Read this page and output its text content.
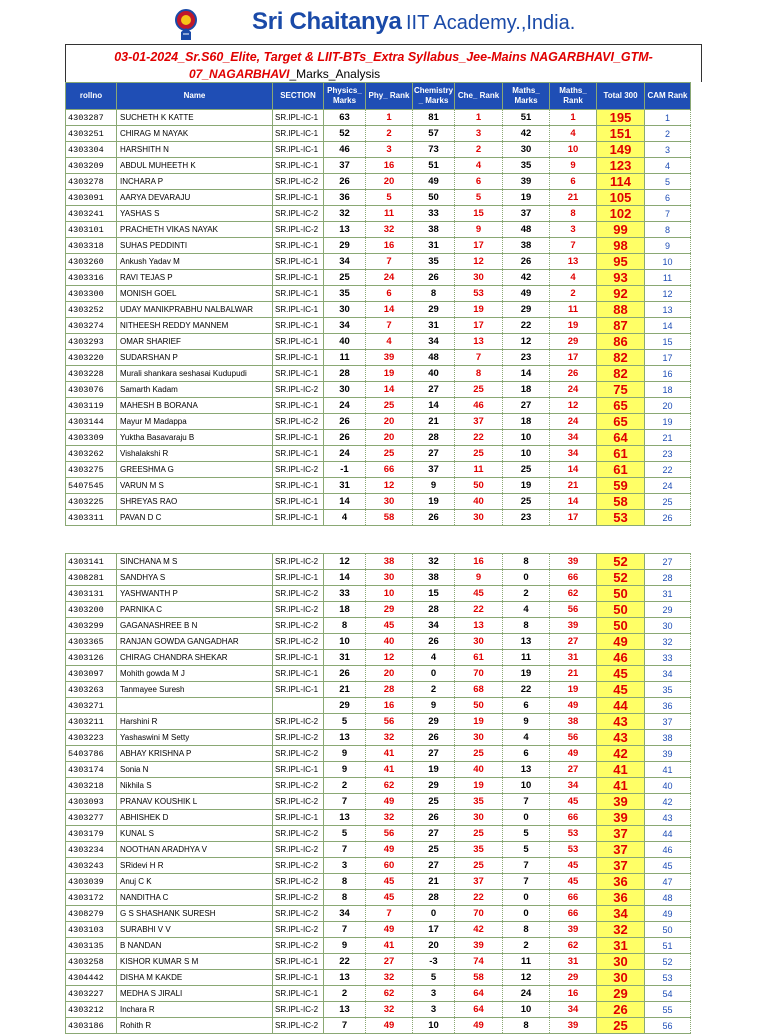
Sri Chaitanya IIT Academy.,India.
03-01-2024_Sr.S60_Elite, Target & LIIT-BTs_Extra Syllabus_Jee-Mains NAGARBHAVI_GTM-
07_NAGARBHAVI_Marks_Analysis
rollno	Name	SECTION	Physics_ Marks	Phy_ Rank	Chemistry _ Marks	Che_ Rank	Maths_ Marks	Maths_ Rank	Total 300	CAM Rank
4303287	SUCHETH K KATTE	SR.IPL-IC-1	63	1	81	1	51	1	195	1
4303251	CHIRAG M NAYAK	SR.IPL-IC-1	52	2	57	3	42	4	151	2
4303304	HARSHITH N	SR.IPL-IC-1	46	3	73	2	30	10	149	3
4303209	ABDUL MUHEETH K	SR.IPL-IC-1	37	16	51	4	35	9	123	4
4303278	INCHARA P	SR.IPL-IC-2	26	20	49	6	39	6	114	5
4303091	AARYA DEVARAJU	SR.IPL-IC-1	36	5	50	5	19	21	105	6
4303241	YASHAS S	SR.IPL-IC-2	32	11	33	15	37	8	102	7
4303101	PRACHETH VIKAS NAYAK	SR.IPL-IC-2	13	32	38	9	48	3	99	8
4303318	SUHAS PEDDINTI	SR.IPL-IC-1	29	16	31	17	38	7	98	9
4303260	Ankush Yadav M	SR.IPL-IC-1	34	7	35	12	26	13	95	10
4303316	RAVI TEJAS P	SR.IPL-IC-1	25	24	26	30	42	4	93	11
4303300	MONISH GOEL	SR.IPL-IC-1	35	6	8	53	49	2	92	12
4303252	UDAY MANIKPRABHU NALBALWAR	SR.IPL-IC-1	30	14	29	19	29	11	88	13
4303274	NITHEESH REDDY MANNEM	SR.IPL-IC-1	34	7	31	17	22	19	87	14
4303293	OMAR SHARIEF	SR.IPL-IC-1	40	4	34	13	12	29	86	15
4303220	SUDARSHAN P	SR.IPL-IC-1	11	39	48	7	23	17	82	17
4303228	Murali shankara seshasai Kudupudi	SR.IPL-IC-1	28	19	40	8	14	26	82	16
4303076	Samarth Kadam	SR.IPL-IC-2	30	14	27	25	18	24	75	18
4303119	MAHESH B BORANA	SR.IPL-IC-1	24	25	14	46	27	12	65	20
4303144	Mayur M Madappa	SR.IPL-IC-2	26	20	21	37	18	24	65	19
4303309	Yuktha Basavaraju B	SR.IPL-IC-1	26	20	28	22	10	34	64	21
4303262	Vishalakshi R	SR.IPL-IC-1	24	25	27	25	10	34	61	23
4303275	GREESHMA G	SR.IPL-IC-2	-1	66	37	11	25	14	61	22
5407545	VARUN M S	SR.IPL-IC-1	31	12	9	50	19	21	59	24
4303225	SHREYAS RAO	SR.IPL-IC-1	14	30	19	40	25	14	58	25
4303311	PAVAN D C	SR.IPL-IC-1	4	58	26	30	23	17	53	26
4303141	SINCHANA M S	SR.IPL-IC-2	12	38	32	16	8	39	52	27
4308281	SANDHYA S	SR.IPL-IC-1	14	30	38	9	0	66	52	28
4303131	YASHWANTH P	SR.IPL-IC-2	33	10	15	45	2	62	50	31
4303200	PARNIKA C	SR.IPL-IC-2	18	29	28	22	4	56	50	29
4303299	GAGANASHREE B N	SR.IPL-IC-2	8	45	34	13	8	39	50	30
4303365	RANJAN GOWDA GANGADHAR	SR.IPL-IC-2	10	40	26	30	13	27	49	32
4303126	CHIRAG CHANDRA SHEKAR	SR.IPL-IC-1	31	12	4	61	11	31	46	33
4303097	Mohith gowda M J	SR.IPL-IC-1	26	20	0	70	19	21	45	34
4303263	Tanmayee Suresh	SR.IPL-IC-1	21	28	2	68	22	19	45	35
4303271			29	16	9	50	6	49	44	36
4303211	Harshini R	SR.IPL-IC-2	5	56	29	19	9	38	43	37
4303223	Yashaswini M Setty	SR.IPL-IC-2	13	32	26	30	4	56	43	38
5403786	ABHAY KRISHNA P	SR.IPL-IC-2	9	41	27	25	6	49	42	39
4303174	Sonia N	SR.IPL-IC-1	9	41	19	40	13	27	41	41
4303218	Nikhila S	SR.IPL-IC-2	2	62	29	19	10	34	41	40
4303093	PRANAV KOUSHIK L	SR.IPL-IC-2	7	49	25	35	7	45	39	42
4303277	ABHISHEK D	SR.IPL-IC-1	13	32	26	30	0	66	39	43
4303179	KUNAL S	SR.IPL-IC-2	5	56	27	25	5	53	37	44
4303234	NOOTHAN ARADHYA V	SR.IPL-IC-2	7	49	25	35	5	53	37	46
4303243	SRidevi H R	SR.IPL-IC-2	3	60	27	25	7	45	37	45
4303039	Anuj C K	SR.IPL-IC-2	8	45	21	37	7	45	36	47
4303172	NANDITHA C	SR.IPL-IC-2	8	45	28	22	0	66	36	48
4308279	G S SHASHANK SURESH	SR.IPL-IC-2	34	7	0	70	0	66	34	49
4303103	SURABHI V V	SR.IPL-IC-2	7	49	17	42	8	39	32	50
4303135	B NANDAN	SR.IPL-IC-2	9	41	20	39	2	62	31	51
4303258	KISHOR KUMAR S M	SR.IPL-IC-1	22	27	-3	74	11	31	30	52
4304442	DISHA M KAKDE	SR.IPL-IC-1	13	32	5	58	12	29	30	53
4303227	MEDHA S JIRALI	SR.IPL-IC-1	2	62	3	64	24	16	29	54
4303212	Inchara R	SR.IPL-IC-2	13	32	3	64	10	34	26	55
4303186	Rohith R	SR.IPL-IC-2	7	49	10	49	8	39	25	56
